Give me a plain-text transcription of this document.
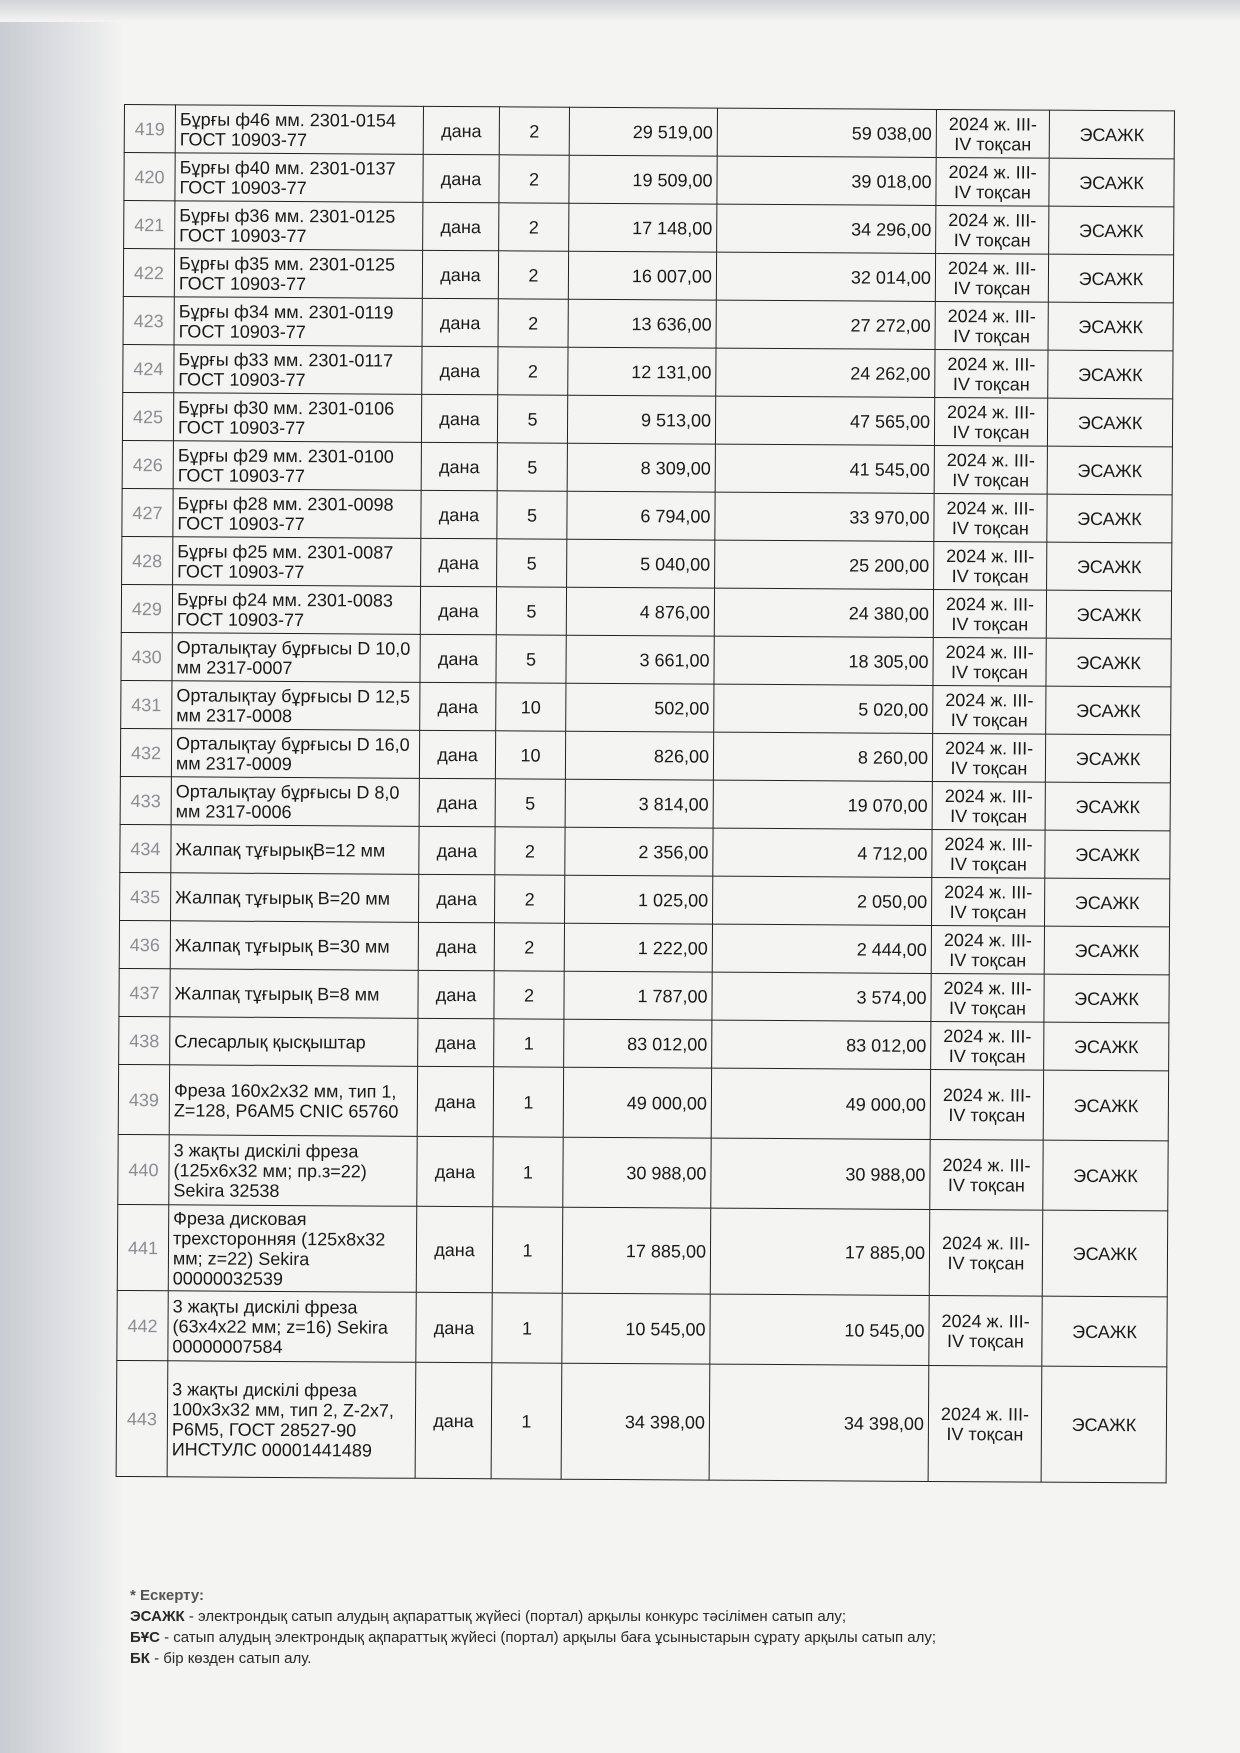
419	Бұрғы ф46 мм. 2301-0154 ГОСТ 10903-77	дана	2	29 519,00	59 038,00	2024 ж. III-IV тоқсан	ЭСАЖК
420	Бұрғы ф40 мм. 2301-0137 ГОСТ 10903-77	дана	2	19 509,00	39 018,00	2024 ж. III-IV тоқсан	ЭСАЖК
421	Бұрғы ф36 мм. 2301-0125 ГОСТ 10903-77	дана	2	17 148,00	34 296,00	2024 ж. III-IV тоқсан	ЭСАЖК
422	Бұрғы ф35 мм. 2301-0125 ГОСТ 10903-77	дана	2	16 007,00	32 014,00	2024 ж. III-IV тоқсан	ЭСАЖК
423	Бұрғы ф34 мм. 2301-0119 ГОСТ 10903-77	дана	2	13 636,00	27 272,00	2024 ж. III-IV тоқсан	ЭСАЖК
424	Бұрғы ф33 мм. 2301-0117 ГОСТ 10903-77	дана	2	12 131,00	24 262,00	2024 ж. III-IV тоқсан	ЭСАЖК
425	Бұрғы ф30 мм. 2301-0106 ГОСТ 10903-77	дана	5	9 513,00	47 565,00	2024 ж. III-IV тоқсан	ЭСАЖК
426	Бұрғы ф29 мм. 2301-0100 ГОСТ 10903-77	дана	5	8 309,00	41 545,00	2024 ж. III-IV тоқсан	ЭСАЖК
427	Бұрғы ф28 мм. 2301-0098 ГОСТ 10903-77	дана	5	6 794,00	33 970,00	2024 ж. III-IV тоқсан	ЭСАЖК
428	Бұрғы ф25 мм. 2301-0087 ГОСТ 10903-77	дана	5	5 040,00	25 200,00	2024 ж. III-IV тоқсан	ЭСАЖК
429	Бұрғы ф24 мм. 2301-0083 ГОСТ 10903-77	дана	5	4 876,00	24 380,00	2024 ж. III-IV тоқсан	ЭСАЖК
430	Орталықтау бұрғысы D 10,0 мм 2317-0007	дана	5	3 661,00	18 305,00	2024 ж. III-IV тоқсан	ЭСАЖК
431	Орталықтау бұрғысы D 12,5 мм 2317-0008	дана	10	502,00	5 020,00	2024 ж. III-IV тоқсан	ЭСАЖК
432	Орталықтау бұрғысы D 16,0 мм 2317-0009	дана	10	826,00	8 260,00	2024 ж. III-IV тоқсан	ЭСАЖК
433	Орталықтау бұрғысы D 8,0 мм 2317-0006	дана	5	3 814,00	19 070,00	2024 ж. III-IV тоқсан	ЭСАЖК
434	Жалпақ тұғырықB=12 мм	дана	2	2 356,00	4 712,00	2024 ж. III-IV тоқсан	ЭСАЖК
435	Жалпақ тұғырық B=20 мм	дана	2	1 025,00	2 050,00	2024 ж. III-IV тоқсан	ЭСАЖК
436	Жалпақ тұғырық B=30 мм	дана	2	1 222,00	2 444,00	2024 ж. III-IV тоқсан	ЭСАЖК
437	Жалпақ тұғырық B=8 мм	дана	2	1 787,00	3 574,00	2024 ж. III-IV тоқсан	ЭСАЖК
438	Слесарлық қысқыштар	дана	1	83 012,00	83 012,00	2024 ж. III-IV тоқсан	ЭСАЖК
439	Фреза 160х2х32 мм, тип 1, Z=128, Р6АМ5 CNIC 65760	дана	1	49 000,00	49 000,00	2024 ж. III-IV тоқсан	ЭСАЖК
440	3 жақты дискілі фреза (125х6х32 мм; пр.з=22) Sekira 32538	дана	1	30 988,00	30 988,00	2024 ж. III-IV тоқсан	ЭСАЖК
441	Фреза дисковая трехсторонняя (125х8х32 мм; z=22) Sekira 00000032539	дана	1	17 885,00	17 885,00	2024 ж. III-IV тоқсан	ЭСАЖК
442	3 жақты дискілі фреза (63х4х22 мм; z=16) Sekira 00000007584	дана	1	10 545,00	10 545,00	2024 ж. III-IV тоқсан	ЭСАЖК
443	3 жақты дискілі фреза 100х3х32 мм, тип 2, Z-2х7, Р6М5, ГОСТ 28527-90 ИНСТУЛС 00001441489	дана	1	34 398,00	34 398,00	2024 ж. III-IV тоқсан	ЭСАЖК
* Ескерту:
ЭСАЖК - электрондық сатып алудың ақпараттық жүйесі (портал) арқылы конкурс тәсілімен сатып алу;
БҰС - сатып алудың электрондық ақпараттық жүйесі (портал) арқылы баға ұсыныстарын сұрату арқылы сатып алу;
БК - бір көзден сатып алу.
